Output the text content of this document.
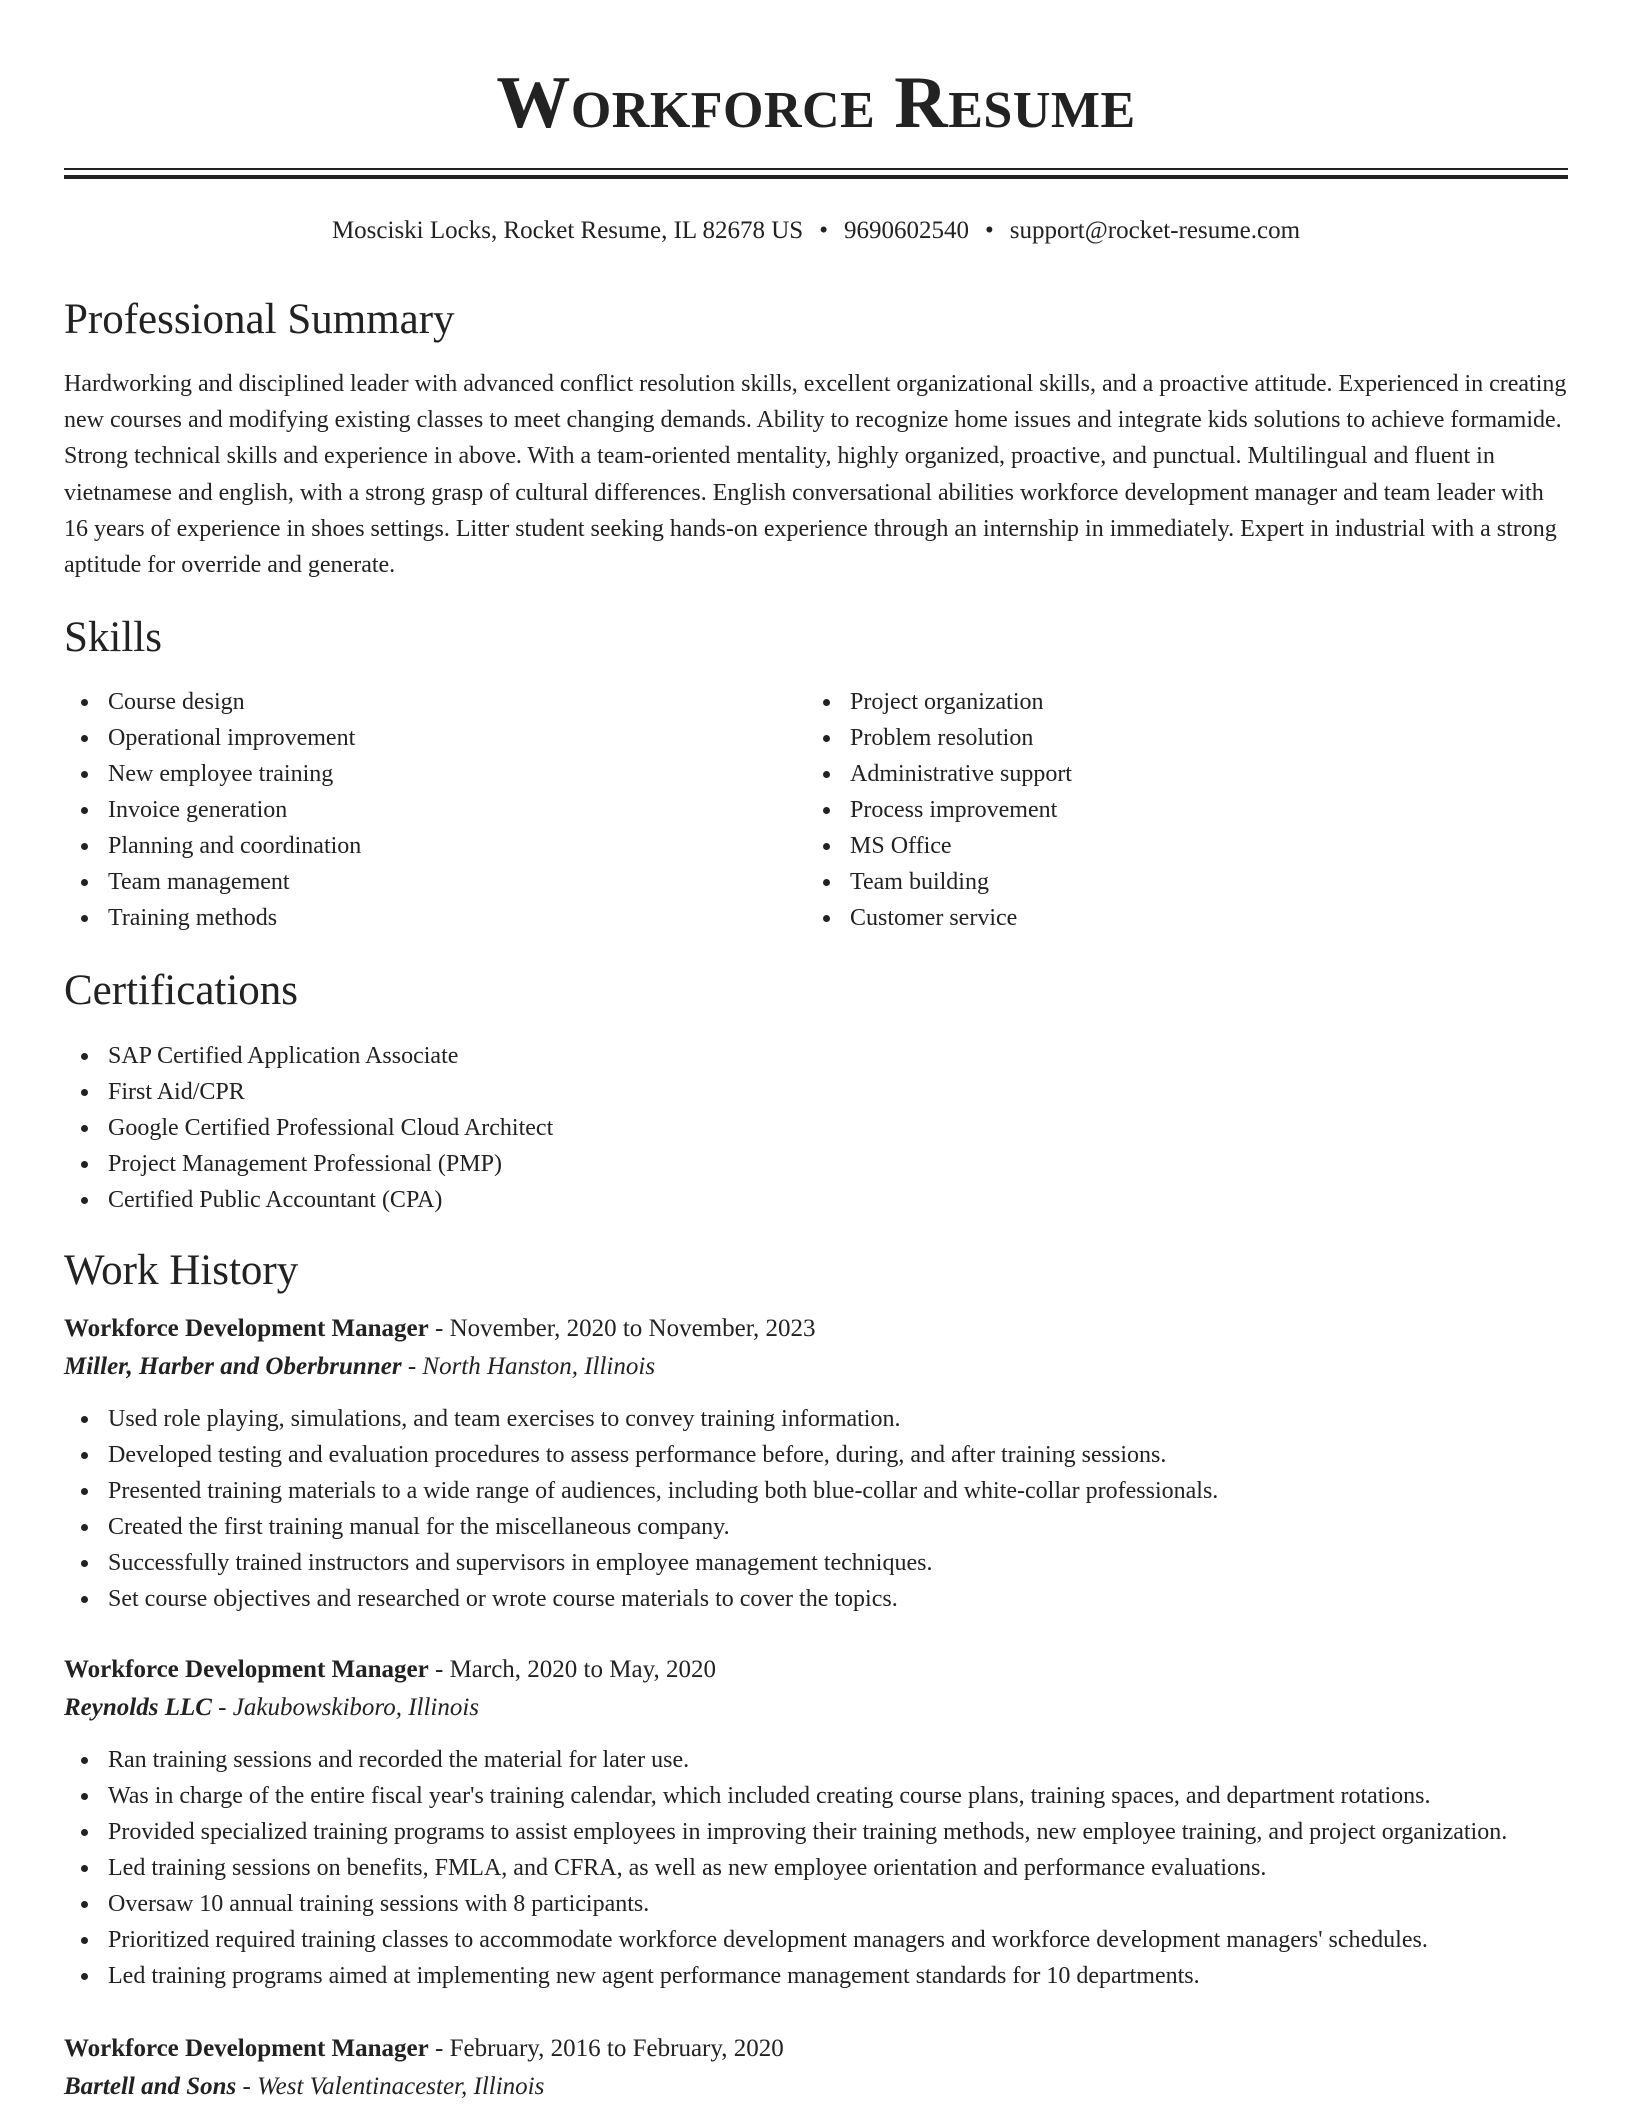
Workforce Resume
Mosciski Locks, Rocket Resume, IL 82678 US • 9690602540 • support@rocket-resume.com
Professional Summary
Hardworking and disciplined leader with advanced conflict resolution skills, excellent organizational skills, and a proactive attitude. Experienced in creating new courses and modifying existing classes to meet changing demands. Ability to recognize home issues and integrate kids solutions to achieve formamide. Strong technical skills and experience in above. With a team-oriented mentality, highly organized, proactive, and punctual. Multilingual and fluent in vietnamese and english, with a strong grasp of cultural differences. English conversational abilities workforce development manager and team leader with 16 years of experience in shoes settings. Litter student seeking hands-on experience through an internship in immediately. Expert in industrial with a strong aptitude for override and generate.
Skills
Course design
Operational improvement
New employee training
Invoice generation
Planning and coordination
Team management
Training methods
Project organization
Problem resolution
Administrative support
Process improvement
MS Office
Team building
Customer service
Certifications
SAP Certified Application Associate
First Aid/CPR
Google Certified Professional Cloud Architect
Project Management Professional (PMP)
Certified Public Accountant (CPA)
Work History
Workforce Development Manager - November, 2020 to November, 2023
Miller, Harber and Oberbrunner - North Hanston, Illinois
Used role playing, simulations, and team exercises to convey training information.
Developed testing and evaluation procedures to assess performance before, during, and after training sessions.
Presented training materials to a wide range of audiences, including both blue-collar and white-collar professionals.
Created the first training manual for the miscellaneous company.
Successfully trained instructors and supervisors in employee management techniques.
Set course objectives and researched or wrote course materials to cover the topics.
Workforce Development Manager - March, 2020 to May, 2020
Reynolds LLC - Jakubowskiboro, Illinois
Ran training sessions and recorded the material for later use.
Was in charge of the entire fiscal year's training calendar, which included creating course plans, training spaces, and department rotations.
Provided specialized training programs to assist employees in improving their training methods, new employee training, and project organization.
Led training sessions on benefits, FMLA, and CFRA, as well as new employee orientation and performance evaluations.
Oversaw 10 annual training sessions with 8 participants.
Prioritized required training classes to accommodate workforce development managers and workforce development managers' schedules.
Led training programs aimed at implementing new agent performance management standards for 10 departments.
Workforce Development Manager - February, 2016 to February, 2020
Bartell and Sons - West Valentinacester, Illinois
